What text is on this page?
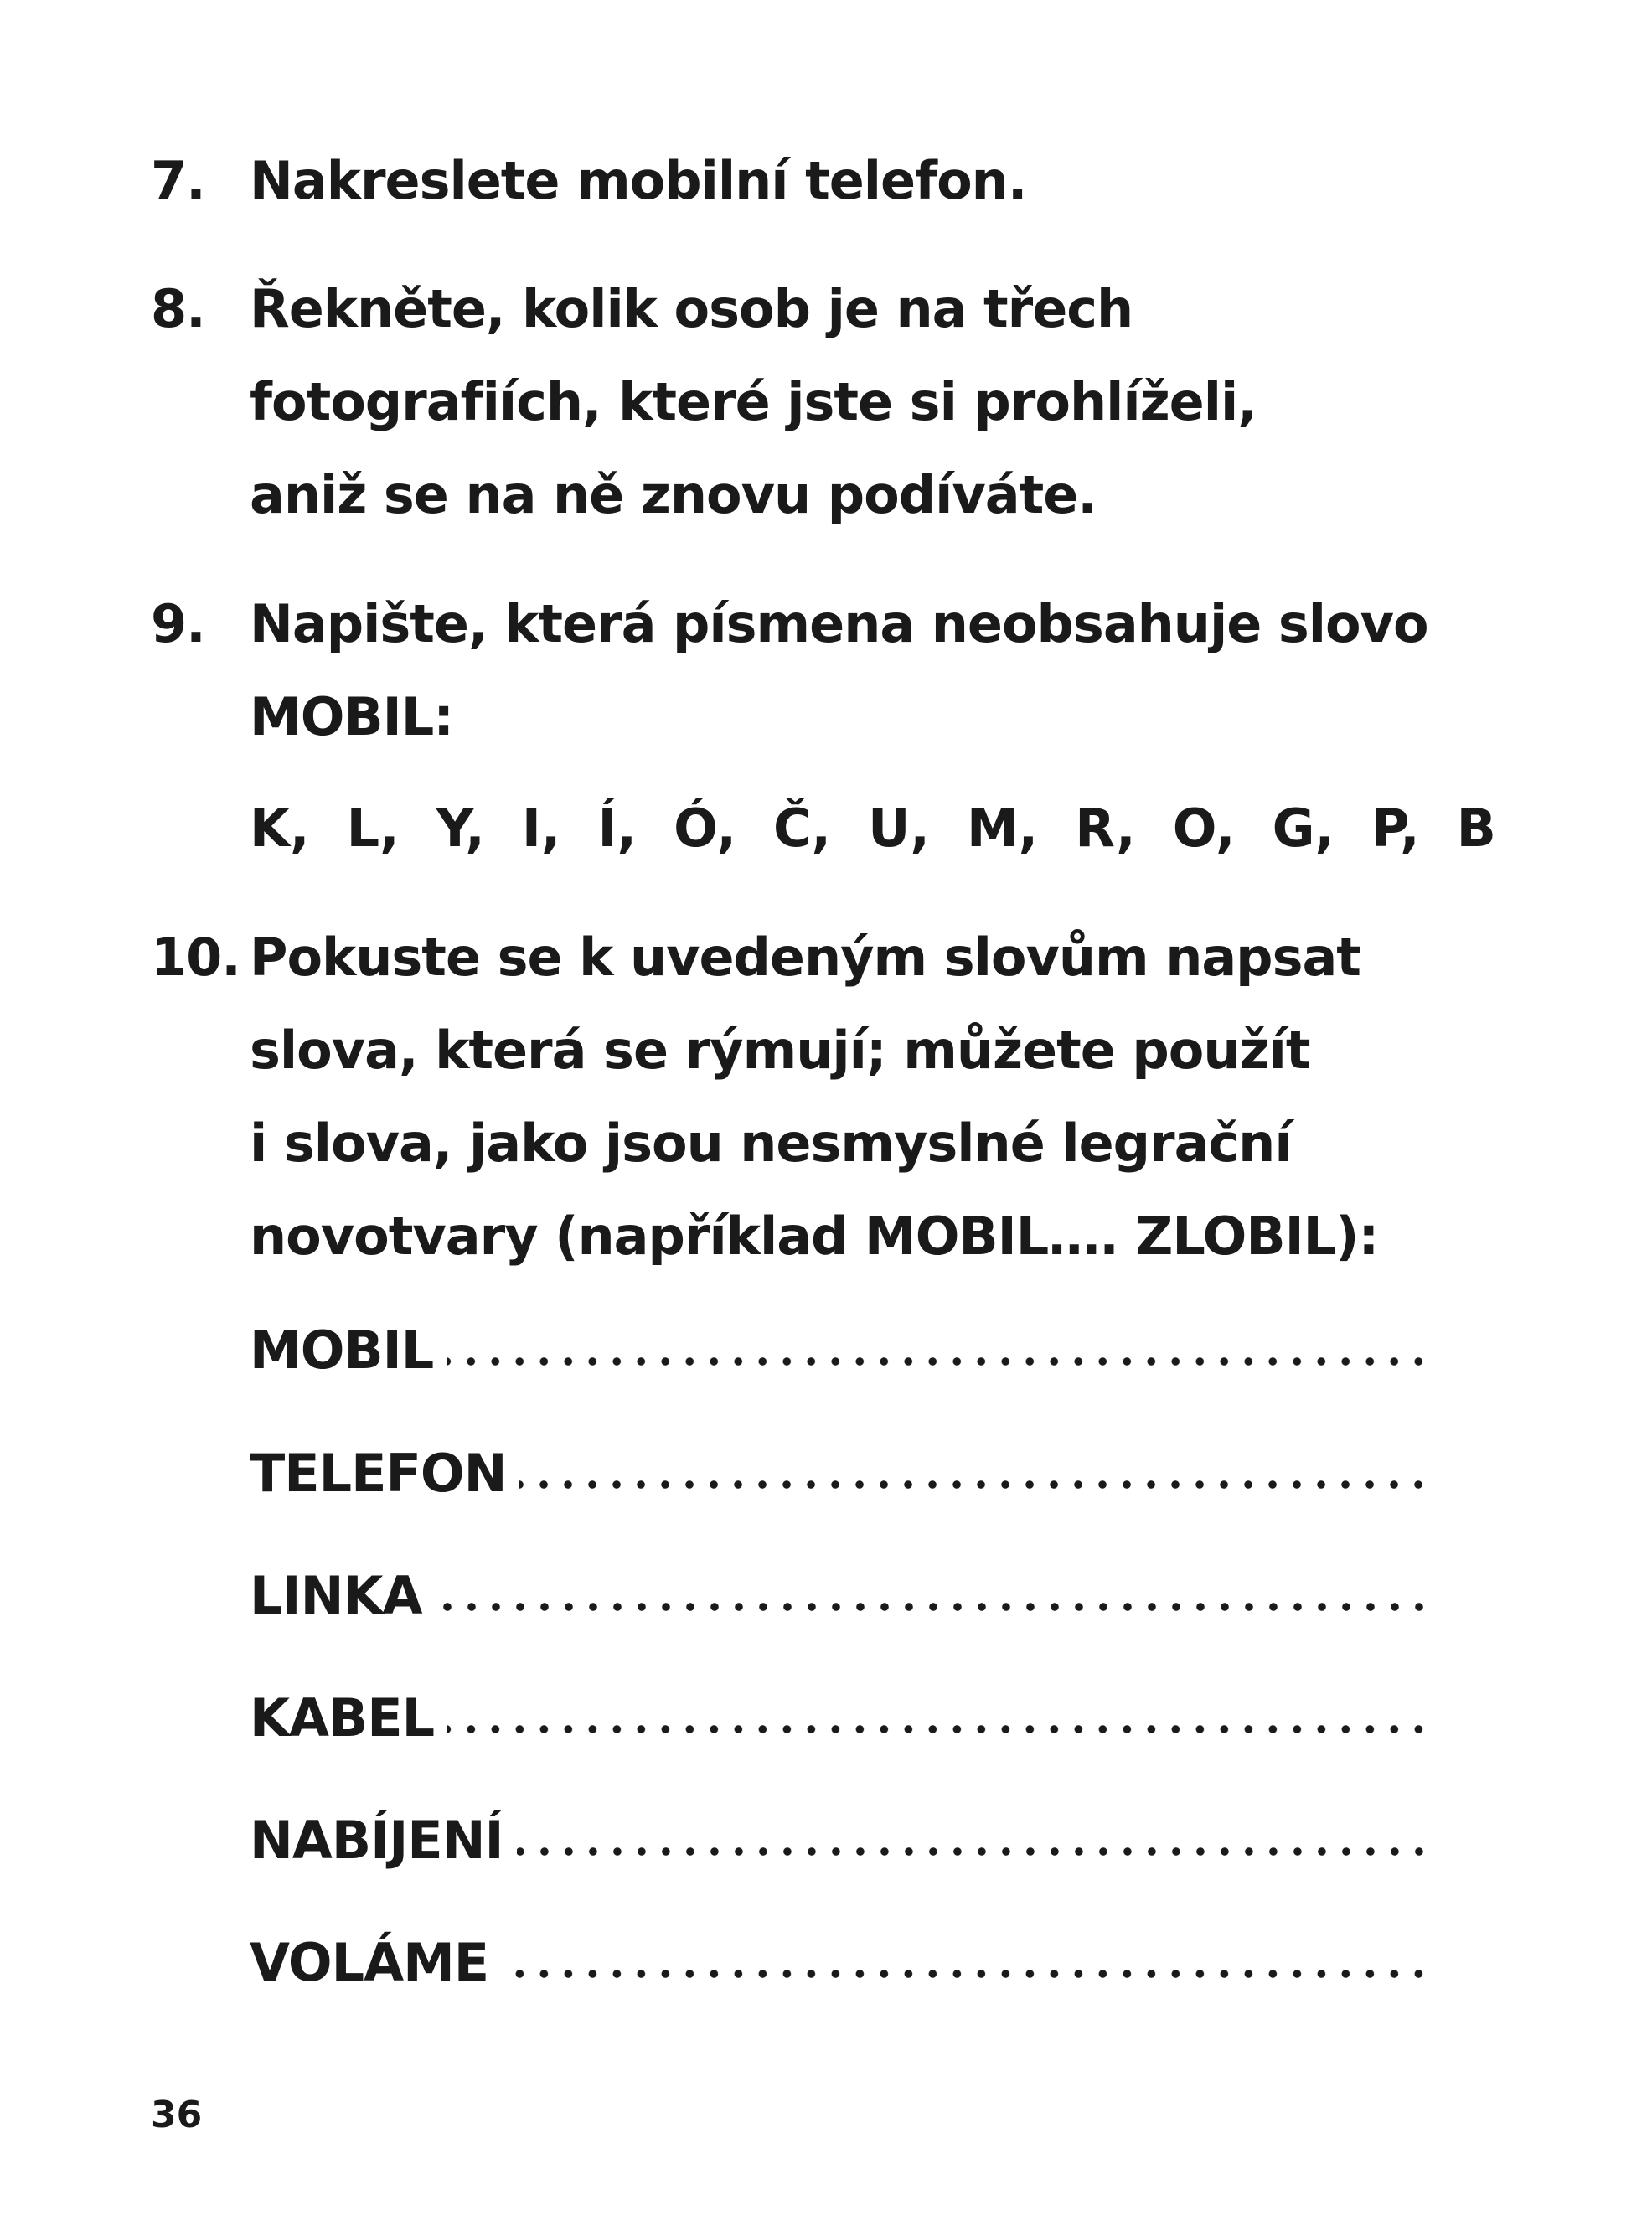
7. Nakreslete mobilní telefon.
8. Řekněte, kolik osob je na třech
fotografiích, které jste si prohlíželi,
aniž se na ně znovu podíváte.
9. Napište, která písmena neobsahuje slovo
MOBIL:
K, L, Y, I, Í, Ó, Č, U, M, R, O, G, P, B
10. Pokuste se k uvedeným slovům napsat
slova, která se rýmují; můžete použít
i slova, jako jsou nesmyslné legrační
novotvary (například MOBIL…. ZLOBIL):
MOBIL
TELEFON
LINKA
KABEL
NABÍJENÍ
VOLÁME
36
